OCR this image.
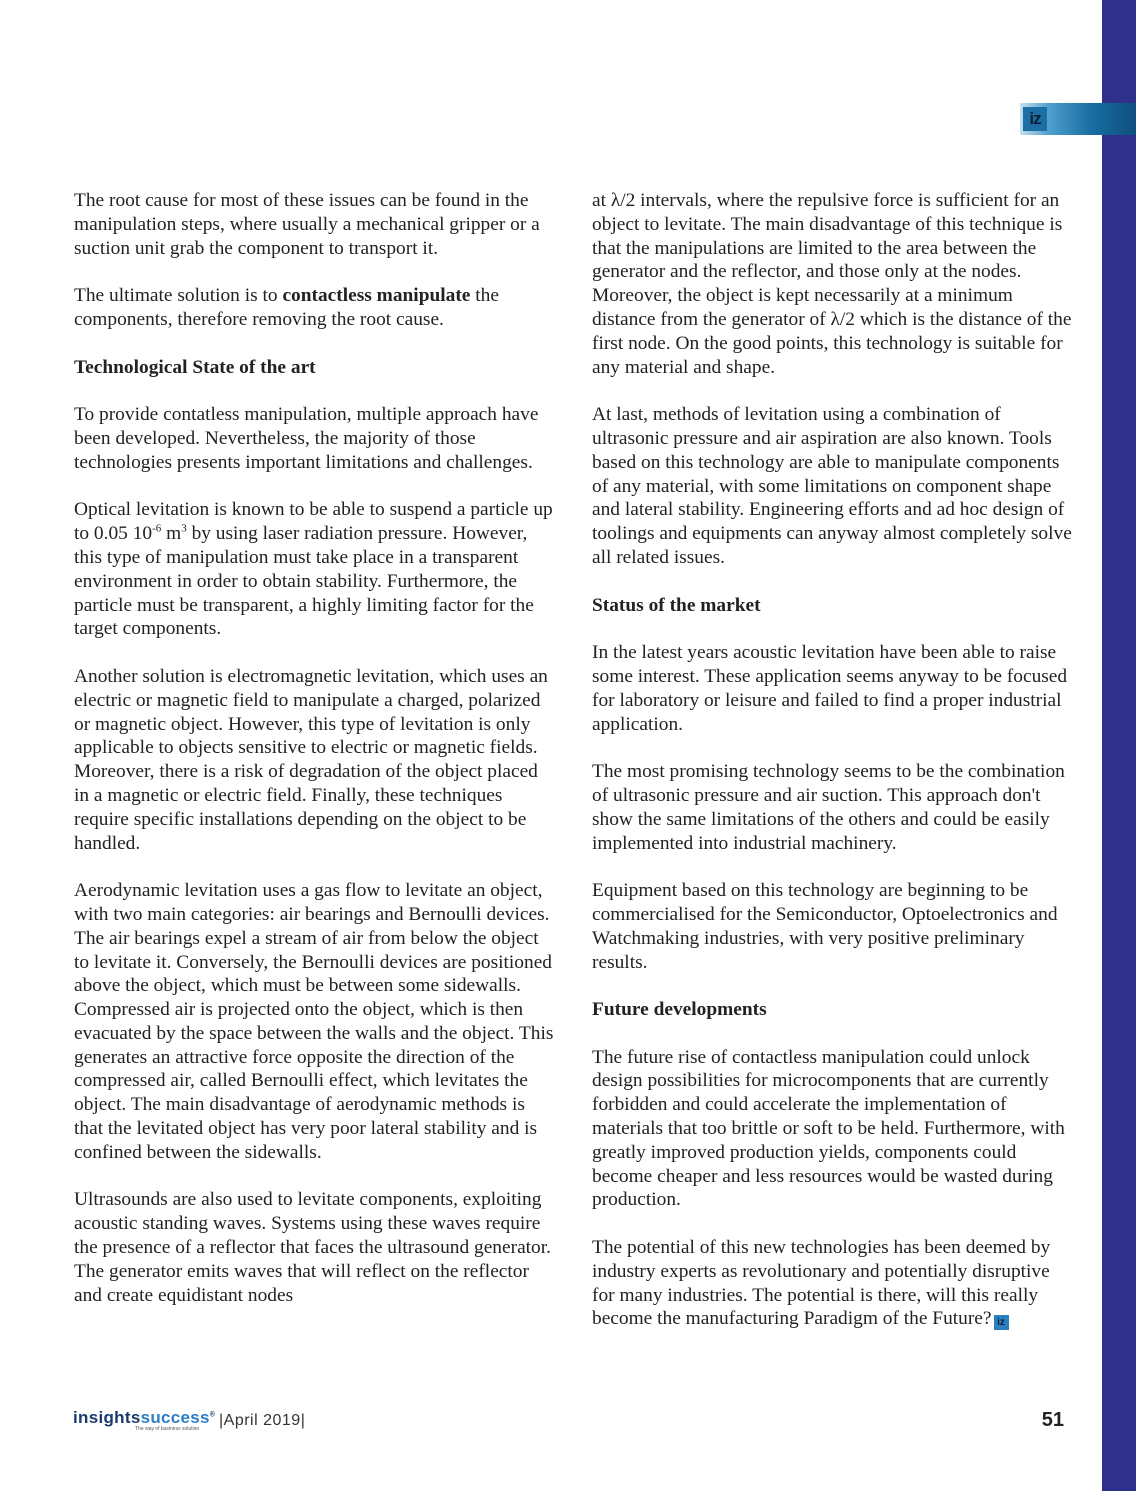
iz

The root cause for most of these issues can be found in the manipulation steps, where usually a mechanical gripper or a suction unit grab the component to transport it.

The ultimate solution is to contactless manipulate the components, therefore removing the root cause.

Technological State of the art

To provide contatless manipulation, multiple approach have been developed. Nevertheless, the majority of those technologies presents important limitations and challenges.

Optical levitation is known to be able to suspend a particle up to 0.05 $10^{-6}$ $m^3$ by using laser radiation pressure. However, this type of manipulation must take place in a transparent environment in order to obtain stability. Furthermore, the particle must be transparent, a highly limiting factor for the target components.

Another solution is electromagnetic levitation, which uses an electric or magnetic field to manipulate a charged, polarized or magnetic object. However, this type of levitation is only applicable to objects sensitive to electric or magnetic fields. Moreover, there is a risk of degradation of the object placed in a magnetic or electric field. Finally, these techniques require specific installations depending on the object to be handled.

Aerodynamic levitation uses a gas flow to levitate an object, with two main categories: air bearings and Bernoulli devices. The air bearings expel a stream of air from below the object to levitate it. Conversely, the Bernoulli devices are positioned above the object, which must be between some sidewalls. Compressed air is projected onto the object, which is then evacuated by the space between the walls and the object. This generates an attractive force opposite the direction of the compressed air, called Bernoulli effect, which levitates the object. The main disadvantage of aerodynamic methods is that the levitated object has very poor lateral stability and is confined between the sidewalls.

Ultrasounds are also used to levitate components, exploiting acoustic standing waves. Systems using these waves require the presence of a reflector that faces the ultrasound generator. The generator emits waves that will reflect on the reflector and create equidistant nodes

at λ/2 intervals, where the repulsive force is sufficient for an object to levitate. The main disadvantage of this technique is that the manipulations are limited to the area between the generator and the reflector, and those only at the nodes. Moreover, the object is kept necessarily at a minimum distance from the generator of λ/2 which is the distance of the first node. On the good points, this technology is suitable for any material and shape.

At last, methods of levitation using a combination of ultrasonic pressure and air aspiration are also known. Tools based on this technology are able to manipulate components of any material, with some limitations on component shape and lateral stability. Engineering efforts and ad hoc design of toolings and equipments can anyway almost completely solve all related issues.

Status of the market

In the latest years acoustic levitation have been able to raise some interest. These application seems anyway to be focused for laboratory or leisure and failed to find a proper industrial application.

The most promising technology seems to be the combination of ultrasonic pressure and air suction. This approach don't show the same limitations of the others and could be easily implemented into industrial machinery.

Equipment based on this technology are beginning to be commercialised for the Semiconductor, Optoelectronics and Watchmaking industries, with very positive preliminary results.

Future developments

The future rise of contactless manipulation could unlock design possibilities for microcomponents that are currently forbidden and could accelerate the implementation of materials that too brittle or soft to be held. Furthermore, with greatly improved production yields, components could become cheaper and less resources would be wasted during production.

The potential of this new technologies has been deemed by industry experts as revolutionary and potentially disruptive for many industries. The potential is there, will this really become the manufacturing Paradigm of the Future? iz

insightssuccess®
The way of business solution |April 2019|	51
